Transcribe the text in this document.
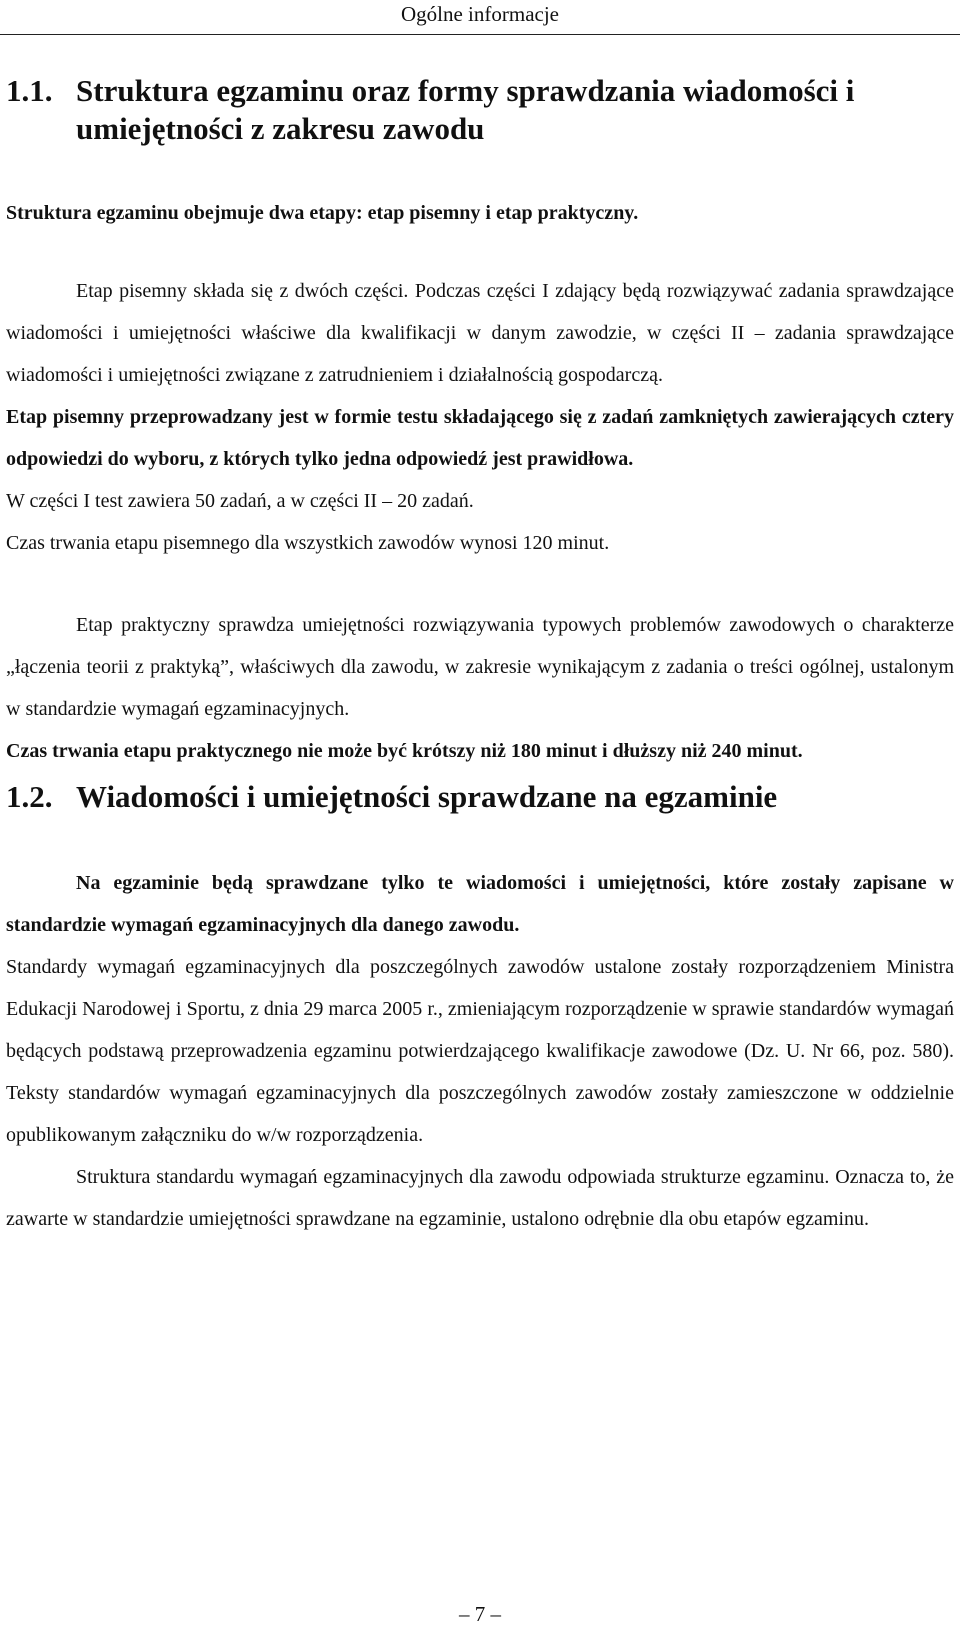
Ogólne informacje
1.1. Struktura egzaminu oraz formy sprawdzania wiadomości i umiejętności z zakresu zawodu

Struktura egzaminu obejmuje dwa etapy: etap pisemny i etap praktyczny.

Etap pisemny składa się z dwóch części. Podczas części I zdający będą rozwiązywać zadania sprawdzające wiadomości i umiejętności właściwe dla kwalifikacji w danym zawodzie, w części II – zadania sprawdzające wiadomości i umiejętności związane z zatrudnieniem i działalnością gospodarczą.

Etap pisemny przeprowadzany jest w formie testu składającego się z zadań zamkniętych zawierających cztery odpowiedzi do wyboru, z których tylko jedna odpowiedź jest prawidłowa.

W części I test zawiera 50 zadań, a w części II – 20 zadań.

Czas trwania etapu pisemnego dla wszystkich zawodów wynosi 120 minut.

Etap praktyczny sprawdza umiejętności rozwiązywania typowych problemów zawodowych o charakterze „łączenia teorii z praktyką”, właściwych dla zawodu, w zakresie wynikającym z zadania o treści ogólnej, ustalonym w standardzie wymagań egzaminacyjnych.

Czas trwania etapu praktycznego nie może być krótszy niż 180 minut i dłuższy niż 240 minut.

1.2. Wiadomości i umiejętności sprawdzane na egzaminie

Na egzaminie będą sprawdzane tylko te wiadomości i umiejętności, które zostały zapisane w standardzie wymagań egzaminacyjnych dla danego zawodu.

Standardy wymagań egzaminacyjnych dla poszczególnych zawodów ustalone zostały rozporządzeniem Ministra Edukacji Narodowej i Sportu, z dnia 29 marca 2005 r., zmieniającym rozporządzenie w sprawie standardów wymagań będących podstawą przeprowadzenia egzaminu potwierdzającego kwalifikacje zawodowe (Dz. U. Nr 66, poz. 580). Teksty standardów wymagań egzaminacyjnych dla poszczególnych zawodów zostały zamieszczone w oddzielnie opublikowanym załączniku do w/w rozporządzenia.

Struktura standardu wymagań egzaminacyjnych dla zawodu odpowiada strukturze egzaminu. Oznacza to, że zawarte w standardzie umiejętności sprawdzane na egzaminie, ustalono odrębnie dla obu etapów egzaminu.

– 7 –
